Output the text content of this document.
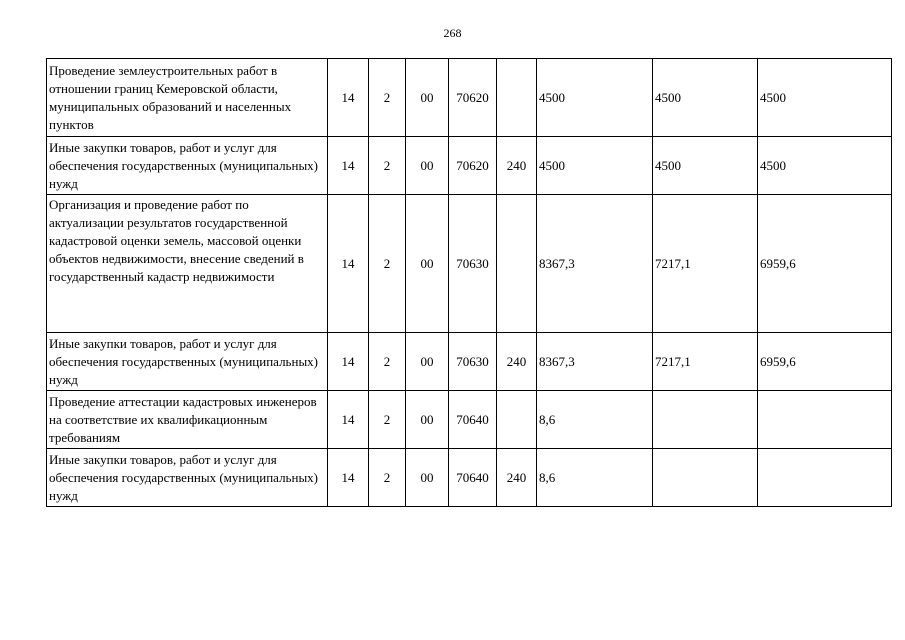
268
Проведение землеустроительных работ в отношении границ Кемеровской области, муниципальных образований и населенных пунктов	14	2	00	70620		4500	4500	4500
Иные закупки товаров, работ и услуг для обеспечения государственных (муниципальных) нужд	14	2	00	70620	240	4500	4500	4500
Организация и проведение работ по актуализации результатов государственной кадастровой оценки земель, массовой оценки объектов недвижимости, внесение сведений в государственный кадастр недвижимости	14	2	00	70630		8367,3	7217,1	6959,6
Иные закупки товаров, работ и услуг для обеспечения государственных (муниципальных) нужд	14	2	00	70630	240	8367,3	7217,1	6959,6
Проведение аттестации кадастровых инженеров на соответствие их квалификационным требованиям	14	2	00	70640		8,6		
Иные закупки товаров, работ и услуг для обеспечения государственных (муниципальных) нужд	14	2	00	70640	240	8,6		
